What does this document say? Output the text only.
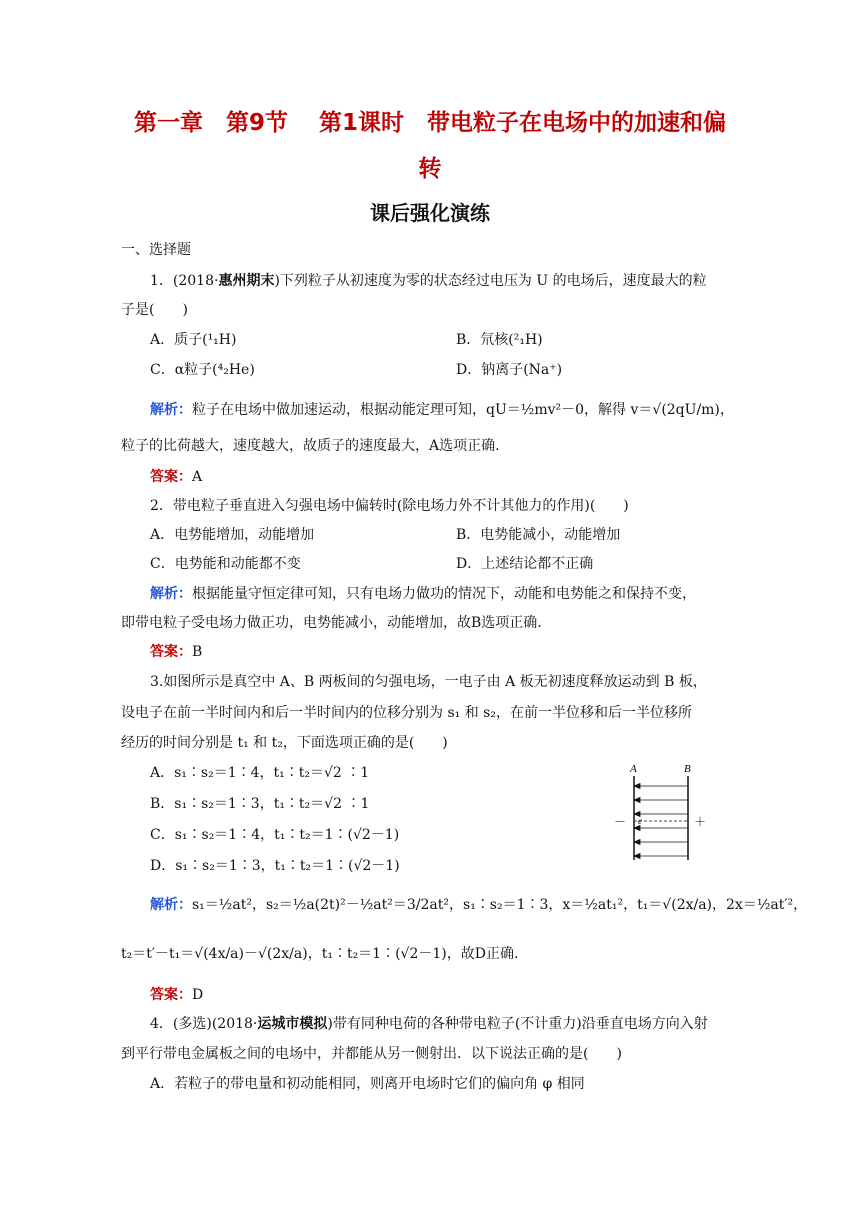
第一章　第9节　 第1课时　带电粒子在电场中的加速和偏
转
课后强化演练
一、选择题
1．(2018·惠州期末)下列粒子从初速度为零的状态经过电压为 U 的电场后，速度最大的粒
子是(　　)
A．质子(¹₁H)	B．氘核(²₁H)
C．α粒子(⁴₂He)	D．钠离子(Na⁺)
解析：粒子在电场中做加速运动，根据动能定理可知，qU＝½mv²－0，解得 v＝√(2qU/m)，
粒子的比荷越大，速度越大，故质子的速度最大，A选项正确.
答案：A
2．带电粒子垂直进入匀强电场中偏转时(除电场力外不计其他力的作用)(　　)
A．电势能增加，动能增加	B．电势能减小，动能增加
C．电势能和动能都不变	D．上述结论都不正确
解析：根据能量守恒定律可知，只有电场力做功的情况下，动能和电势能之和保持不变，
即带电粒子受电场力做正功，电势能减小，动能增加，故B选项正确.
答案：B
3.如图所示是真空中 A、B 两板间的匀强电场，一电子由 A 板无初速度释放运动到 B 板，
设电子在前一半时间内和后一半时间内的位移分别为 s₁ 和 s₂，在前一半位移和后一半位移所
经历的时间分别是 t₁ 和 t₂，下面选项正确的是(　　)
A．s₁∶s₂＝1∶4，t₁∶t₂＝√2 ∶1
B．s₁∶s₂＝1∶3，t₁∶t₂＝√2 ∶1
C．s₁∶s₂＝1∶4，t₁∶t₂＝1∶(√2－1)
D．s₁∶s₂＝1∶3，t₁∶t₂＝1∶(√2－1)
A	B
e
－	＋
解析：s₁＝½at²，s₂＝½a(2t)²－½at²＝3/2at²，s₁∶s₂＝1∶3，x＝½at₁²，t₁＝√(2x/a)，2x＝½at′²，
t₂＝t′－t₁＝√(4x/a)－√(2x/a)，t₁∶t₂＝1∶(√2－1)，故D正确.
答案：D
4．(多选)(2018·运城市模拟)带有同种电荷的各种带电粒子(不计重力)沿垂直电场方向入射
到平行带电金属板之间的电场中，并都能从另一侧射出．以下说法正确的是(　　)
A．若粒子的带电量和初动能相同，则离开电场时它们的偏向角 φ 相同
